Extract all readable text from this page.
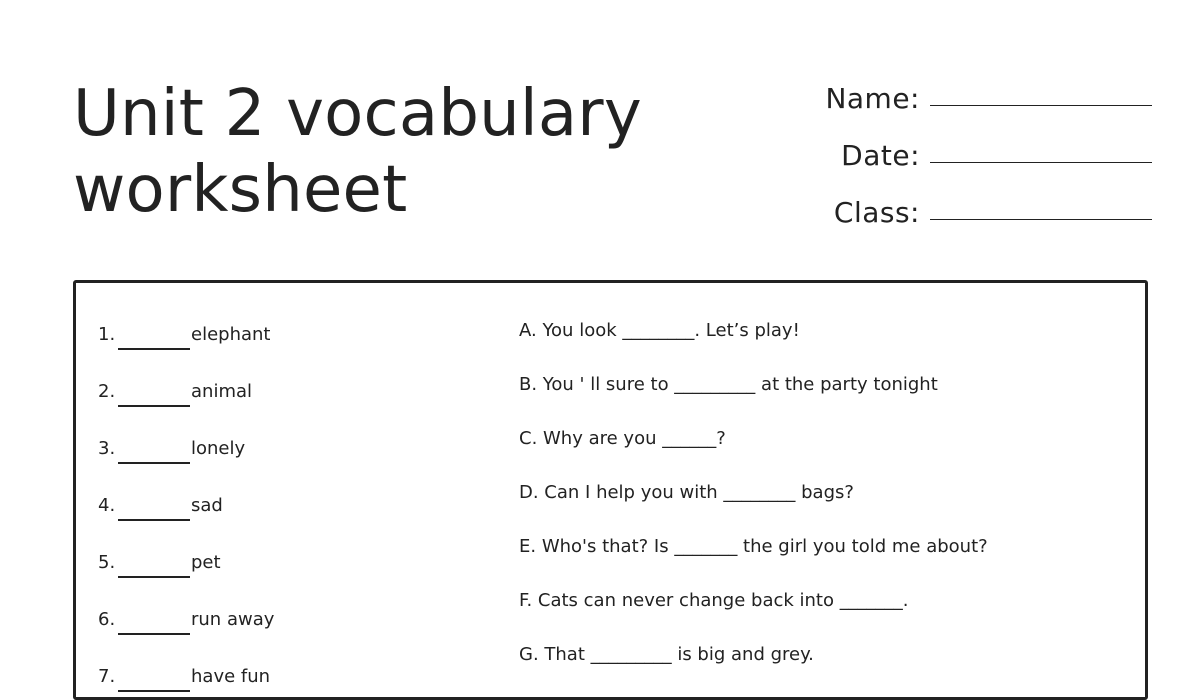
Unit 2 vocabulary
worksheet
Name:
Date:
Class:
1.	elephant
2.	animal
3.	lonely
4.	sad
5.	pet
6.	run away
7.	have fun
A. You look ________. Let’s play!
B. You ' ll sure to _________ at the party tonight
C. Why are you ______?
D. Can I help you with ________ bags?
E. Who's that? Is _______ the girl you told me about?
F. Cats can never change back into _______.
G. That _________ is big and grey.
